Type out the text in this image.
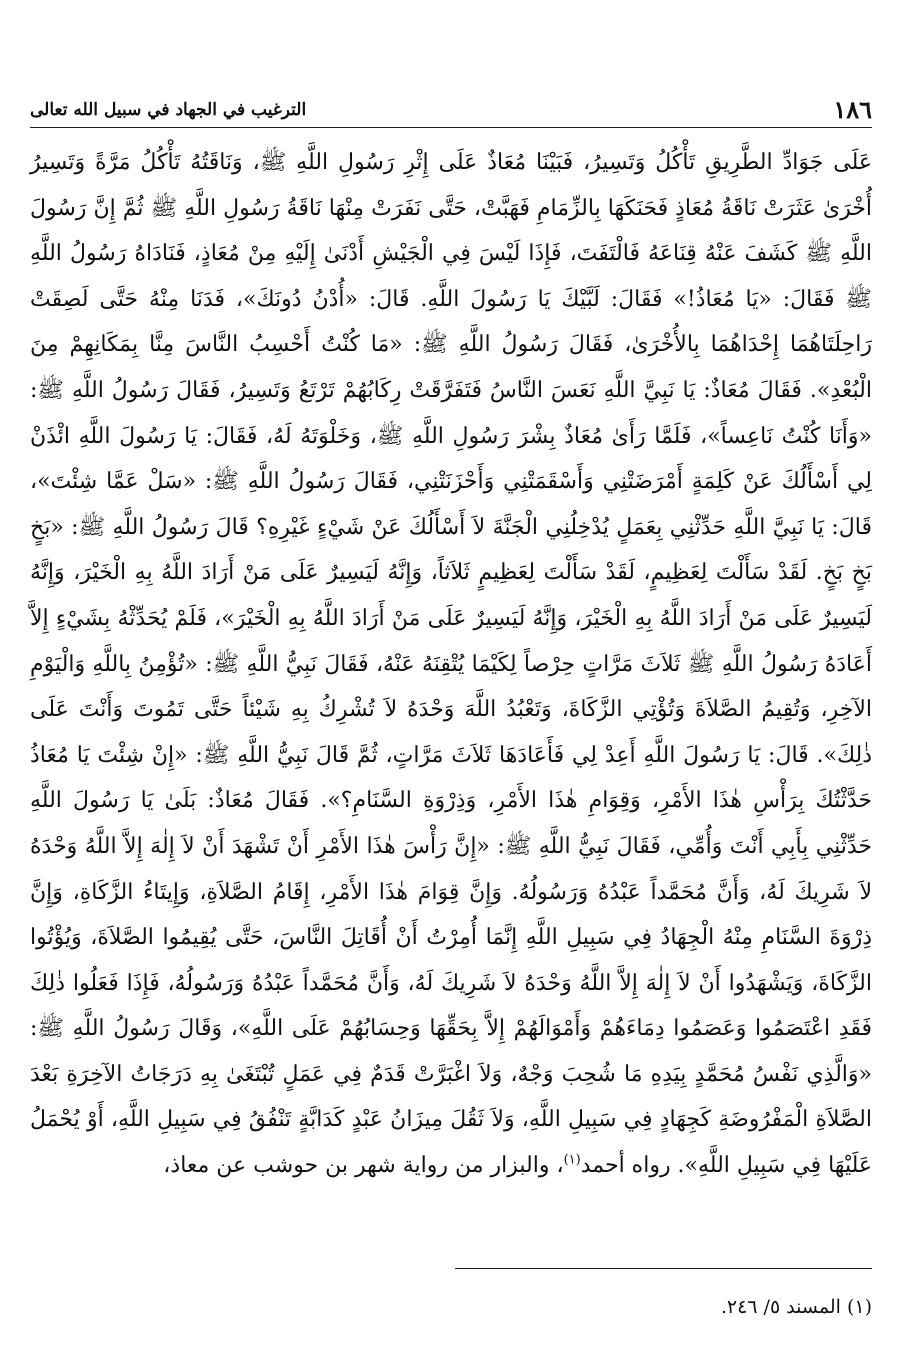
١٨٦
الترغيب في الجهاد في سبيل الله تعالى

عَلَى جَوَادِّ الطَّرِيقِ تَأْكُلُ وَتَسِيرُ، فَبَيْنَا مُعَاذٌ عَلَى إِثْرِ رَسُولِ اللَّهِ ﷺ، وَنَاقَتُهُ تَأْكُلُ مَرَّةً وَتَسِيرُ أُخْرَىٰ عَثَرَتْ نَاقَةُ مُعَاذٍ فَحَنَكَهَا بِالزِّمَامِ فَهَبَّتْ، حَتَّى نَفَرَتْ مِنْهَا نَاقَةُ رَسُولِ اللَّهِ ﷺ ثُمَّ إِنَّ رَسُولَ اللَّهِ ﷺ كَشَفَ عَنْهُ قِنَاعَهُ فَالْتَفَتَ، فَإِذَا لَيْسَ فِي الْجَيْشِ أَدْنَىٰ إِلَيْهِ مِنْ مُعَاذٍ، فَنَادَاهُ رَسُولُ اللَّهِ ﷺ فَقَالَ: «يَا مُعَاذُ!» فَقَالَ: لَبَّيْكَ يَا رَسُولَ اللَّهِ. قَالَ: «أُدْنُ دُونَكَ»، فَدَنَا مِنْهُ حَتَّى لَصِقَتْ رَاحِلَتَاهُمَا إِحْدَاهُمَا بِالأُخْرَىٰ، فَقَالَ رَسُولُ اللَّهِ ﷺ: «مَا كُنْتُ أَحْسِبُ النَّاسَ مِنَّا بِمَكَانِهِمْ مِنَ الْبُعْدِ». فَقَالَ مُعَاذٌ: يَا نَبِيَّ اللَّهِ نَعَسَ النَّاسُ فَتَفَرَّقَتْ رِكَابُهُمْ تَرْتَعُ وَتَسِيرُ، فَقَالَ رَسُولُ اللَّهِ ﷺ: «وَأَنَا كُنْتُ نَاعِساً»، فَلَمَّا رَأَىٰ مُعَاذٌ بِشْرَ رَسُولِ اللَّهِ ﷺ، وَخَلْوَتَهُ لَهُ، فَقَالَ: يَا رَسُولَ اللَّهِ ائْذَنْ لِي أَسْأَلُكَ عَنْ كَلِمَةٍ أَمْرَضَتْنِي وَأَسْقَمَتْنِي وَأَحْزَنَتْنِي، فَقَالَ رَسُولُ اللَّهِ ﷺ: «سَلْ عَمَّا شِئْتَ»، قَالَ: يَا نَبِيَّ اللَّهِ حَدِّثْنِي بِعَمَلٍ يُدْخِلُنِي الْجَنَّةَ لاَ أَسْأَلُكَ عَنْ شَيْءٍ غَيْرِهِ؟ قَالَ رَسُولُ اللَّهِ ﷺ: «بَخٍ بَخٍ بَخٍ. لَقَدْ سَأَلْتَ لِعَظِيمٍ، لَقَدْ سَأَلْتَ لِعَظِيمٍ ثَلاَثاً، وَإِنَّهُ لَيَسِيرٌ عَلَى مَنْ أَرَادَ اللَّهُ بِهِ الْخَيْرَ، وَإِنَّهُ لَيَسِيرٌ عَلَى مَنْ أَرَادَ اللَّهُ بِهِ الْخَيْرَ، وَإِنَّهُ لَيَسِيرٌ عَلَى مَنْ أَرَادَ اللَّهُ بِهِ الْخَيْرَ»، فَلَمْ يُحَدِّثْهُ بِشَيْءٍ إِلاَّ أَعَادَهُ رَسُولُ اللَّهِ ﷺ ثَلاَثَ مَرَّاتٍ حِرْصاً لِكَيْمَا يُتْقِنَهُ عَنْهُ، فَقَالَ نَبِيُّ اللَّهِ ﷺ: «تُؤْمِنُ بِاللَّهِ وَالْيَوْمِ الآخِرِ، وَتُقِيمُ الصَّلاَةَ وَتُؤْتِي الزَّكَاةَ، وَتَعْبُدُ اللَّهَ وَحْدَهُ لاَ تُشْرِكُ بِهِ شَيْئاً حَتَّى تَمُوتَ وَأَنْتَ عَلَى ذٰلِكَ». قَالَ: يَا رَسُولَ اللَّهِ أَعِدْ لِي فَأَعَادَهَا ثَلاَثَ مَرَّاتٍ، ثُمَّ قَالَ نَبِيُّ اللَّهِ ﷺ: «إِنْ شِئْتَ يَا مُعَاذُ حَدَّثْتُكَ بِرَأْسِ هٰذَا الأَمْرِ، وَقِوَامِ هٰذَا الأَمْرِ، وَذِرْوَةِ السَّنَامِ؟». فَقَالَ مُعَاذٌ: بَلَىٰ يَا رَسُولَ اللَّهِ حَدِّثْنِي بِأَبِي أَنْتَ وَأُمِّي، فَقَالَ نَبِيُّ اللَّهِ ﷺ: «إِنَّ رَأْسَ هٰذَا الأَمْرِ أَنْ تَشْهَدَ أَنْ لاَ إِلٰهَ إِلاَّ اللَّهُ وَحْدَهُ لاَ شَرِيكَ لَهُ، وَأَنَّ مُحَمَّداً عَبْدُهُ وَرَسُولُهُ. وَإِنَّ قِوَامَ هٰذَا الأَمْرِ، إِقَامُ الصَّلاَةِ، وَإِيتَاءُ الزَّكَاةِ، وَإِنَّ ذِرْوَةَ السَّنَامِ مِنْهُ الْجِهَادُ فِي سَبِيلِ اللَّهِ إِنَّمَا أُمِرْتُ أَنْ أُقَاتِلَ النَّاسَ، حَتَّى يُقِيمُوا الصَّلاَةَ، وَيُؤْتُوا الزَّكَاةَ، وَيَشْهَدُوا أَنْ لاَ إِلٰهَ إِلاَّ اللَّهُ وَحْدَهُ لاَ شَرِيكَ لَهُ، وَأَنَّ مُحَمَّداً عَبْدُهُ وَرَسُولُهُ، فَإِذَا فَعَلُوا ذٰلِكَ فَقَدِ اعْتَصَمُوا وَعَصَمُوا دِمَاءَهُمْ وَأَمْوَالَهُمْ إِلاَّ بِحَقِّهَا وَحِسَابُهُمْ عَلَى اللَّهِ»، وَقَالَ رَسُولُ اللَّهِ ﷺ: «وَالَّذِي نَفْسُ مُحَمَّدٍ بِيَدِهِ مَا شُحِبَ وَجْهٌ، وَلاَ اغْبَرَّتْ قَدَمٌ فِي عَمَلٍ تُبْتَغَىٰ بِهِ دَرَجَاتُ الآخِرَةِ بَعْدَ الصَّلاَةِ الْمَفْرُوضَةِ كَجِهَادٍ فِي سَبِيلِ اللَّهِ، وَلاَ ثَقُلَ مِيزَانُ عَبْدٍ كَدَابَّةٍ تَنْفُقُ فِي سَبِيلِ اللَّهِ، أَوْ يُحْمَلُ عَلَيْهَا فِي سَبِيلِ اللَّهِ». رواه أحمد$^{(١)}$، والبزار من رواية شهر بن حوشب عن معاذ،

(١) المسند ٥/ ٢٤٦.
